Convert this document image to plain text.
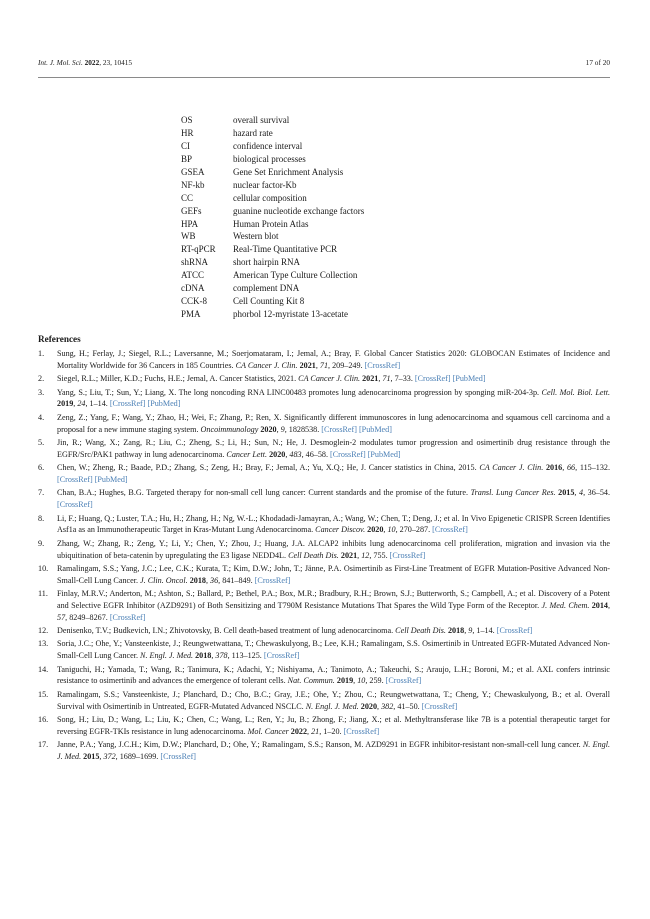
Int. J. Mol. Sci. 2022, 23, 10415	17 of 20
OS	overall survival
HR	hazard rate
CI	confidence interval
BP	biological processes
GSEA	Gene Set Enrichment Analysis
NF-kb	nuclear factor-Kb
CC	cellular composition
GEFs	guanine nucleotide exchange factors
HPA	Human Protein Atlas
WB	Western blot
RT-qPCR	Real-Time Quantitative PCR
shRNA	short hairpin RNA
ATCC	American Type Culture Collection
cDNA	complement DNA
CCK-8	Cell Counting Kit 8
PMA	phorbol 12-myristate 13-acetate
References
1. Sung, H.; Ferlay, J.; Siegel, R.L.; Laversanne, M.; Soerjomataram, I.; Jemal, A.; Bray, F. Global Cancer Statistics 2020: GLOBOCAN Estimates of Incidence and Mortality Worldwide for 36 Cancers in 185 Countries. CA Cancer J. Clin. 2021, 71, 209–249. [CrossRef]
2. Siegel, R.L.; Miller, K.D.; Fuchs, H.E.; Jemal, A. Cancer Statistics, 2021. CA Cancer J. Clin. 2021, 71, 7–33. [CrossRef] [PubMed]
3. Yang, S.; Liu, T.; Sun, Y.; Liang, X. The long noncoding RNA LINC00483 promotes lung adenocarcinoma progression by sponging miR-204-3p. Cell. Mol. Biol. Lett. 2019, 24, 1–14. [CrossRef] [PubMed]
4. Zeng, Z.; Yang, F.; Wang, Y.; Zhao, H.; Wei, F.; Zhang, P.; Ren, X. Significantly different immunoscores in lung adenocarcinoma and squamous cell carcinoma and a proposal for a new immune staging system. Oncoimmunology 2020, 9, 1828538. [CrossRef] [PubMed]
5. Jin, R.; Wang, X.; Zang, R.; Liu, C.; Zheng, S.; Li, H.; Sun, N.; He, J. Desmoglein-2 modulates tumor progression and osimertinib drug resistance through the EGFR/Src/PAK1 pathway in lung adenocarcinoma. Cancer Lett. 2020, 483, 46–58. [CrossRef] [PubMed]
6. Chen, W.; Zheng, R.; Baade, P.D.; Zhang, S.; Zeng, H.; Bray, F.; Jemal, A.; Yu, X.Q.; He, J. Cancer statistics in China, 2015. CA Cancer J. Clin. 2016, 66, 115–132. [CrossRef] [PubMed]
7. Chan, B.A.; Hughes, B.G. Targeted therapy for non-small cell lung cancer: Current standards and the promise of the future. Transl. Lung Cancer Res. 2015, 4, 36–54. [CrossRef]
8. Li, F.; Huang, Q.; Luster, T.A.; Hu, H.; Zhang, H.; Ng, W.-L.; Khodadadi-Jamayran, A.; Wang, W.; Chen, T.; Deng, J.; et al. In Vivo Epigenetic CRISPR Screen Identifies Asf1a as an Immunotherapeutic Target in Kras-Mutant Lung Adenocarcinoma. Cancer Discov. 2020, 10, 270–287. [CrossRef]
9. Zhang, W.; Zhang, R.; Zeng, Y.; Li, Y.; Chen, Y.; Zhou, J.; Huang, J.A. ALCAP2 inhibits lung adenocarcinoma cell proliferation, migration and invasion via the ubiquitination of beta-catenin by upregulating the E3 ligase NEDD4L. Cell Death Dis. 2021, 12, 755. [CrossRef]
10. Ramalingam, S.S.; Yang, J.C.; Lee, C.K.; Kurata, T.; Kim, D.W.; John, T.; Jänne, P.A. Osimertinib as First-Line Treatment of EGFR Mutation-Positive Advanced Non-Small-Cell Lung Cancer. J. Clin. Oncol. 2018, 36, 841–849. [CrossRef]
11. Finlay, M.R.V.; Anderton, M.; Ashton, S.; Ballard, P.; Bethel, P.A.; Box, M.R.; Bradbury, R.H.; Brown, S.J.; Butterworth, S.; Campbell, A.; et al. Discovery of a Potent and Selective EGFR Inhibitor (AZD9291) of Both Sensitizing and T790M Resistance Mutations That Spares the Wild Type Form of the Receptor. J. Med. Chem. 2014, 57, 8249–8267. [CrossRef]
12. Denisenko, T.V.; Budkevich, I.N.; Zhivotovsky, B. Cell death-based treatment of lung adenocarcinoma. Cell Death Dis. 2018, 9, 1–14. [CrossRef]
13. Soria, J.C.; Ohe, Y.; Vansteenkiste, J.; Reungwetwattana, T.; Chewaskulyong, B.; Lee, K.H.; Ramalingam, S.S. Osimertinib in Untreated EGFR-Mutated Advanced Non-Small-Cell Lung Cancer. N. Engl. J. Med. 2018, 378, 113–125. [CrossRef]
14. Taniguchi, H.; Yamada, T.; Wang, R.; Tanimura, K.; Adachi, Y.; Nishiyama, A.; Tanimoto, A.; Takeuchi, S.; Araujo, L.H.; Boroni, M.; et al. AXL confers intrinsic resistance to osimertinib and advances the emergence of tolerant cells. Nat. Commun. 2019, 10, 259. [CrossRef]
15. Ramalingam, S.S.; Vansteenkiste, J.; Planchard, D.; Cho, B.C.; Gray, J.E.; Ohe, Y.; Zhou, C.; Reungwetwattana, T.; Cheng, Y.; Chewaskulyong, B.; et al. Overall Survival with Osimertinib in Untreated, EGFR-Mutated Advanced NSCLC. N. Engl. J. Med. 2020, 382, 41–50. [CrossRef]
16. Song, H.; Liu, D.; Wang, L.; Liu, K.; Chen, C.; Wang, L.; Ren, Y.; Ju, B.; Zhong, F.; Jiang, X.; et al. Methyltransferase like 7B is a potential therapeutic target for reversing EGFR-TKIs resistance in lung adenocarcinoma. Mol. Cancer 2022, 21, 1–20. [CrossRef]
17. Janne, P.A.; Yang, J.C.H.; Kim, D.W.; Planchard, D.; Ohe, Y.; Ramalingam, S.S.; Ranson, M. AZD9291 in EGFR inhibitor-resistant non-small-cell lung cancer. N. Engl. J. Med. 2015, 372, 1689–1699. [CrossRef]
